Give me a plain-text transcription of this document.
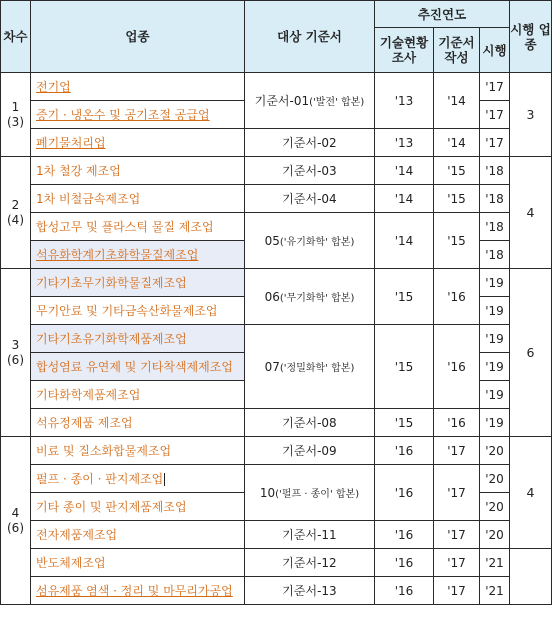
차수	업종	대상 기준서	추진연도			시행 업종
			기술현황 조사	기준서 작성	시행	

1
(3)	전기업	기준서-01('발전' 합본)	'13	'14	'17	3
	증기 · 냉온수 및 공기조절 공급업				'17	
	폐기물처리업	기준서-02	'13	'14	'17	

2
(4)	1차 철강 제조업	기준서-03	'14	'15	'18	4
	1차 비철금속제조업	기준서-04	'14	'15	'18	
	합성고무 및 플라스틱 물질 제조업	05('유기화학' 합본)	'14	'15	'18	
	석유화학계기초화학물질제조업				'18	

3
(6)	기타기초무기화학물질제조업	06('무기화학' 합본)	'15	'16	'19	6
	무기안료 및 기타금속산화물제조업				'19	
	기타기초유기화학제품제조업	07('정밀화학' 합본)	'15	'16	'19	
	합성염료 유연제 및 기타착색제제조업				'19	
	기타화학제품제조업				'19	
	석유정제품 제조업	기준서-08	'15	'16	'19	

4
(6)	비료 및 질소화합물제조업	기준서-09	'16	'17	'20	4
	펄프 · 종이 · 판지제조업	10('펄프 · 종이' 합본)	'16	'17	'20	
	기타 종이 및 판지제품제조업				'20	
	전자제품제조업	기준서-11	'16	'17	'20	
	반도체제조업	기준서-12	'16	'17	'21	
	섬유제품 염색 · 정리 및 마무리가공업	기준서-13	'16	'17	'21	
